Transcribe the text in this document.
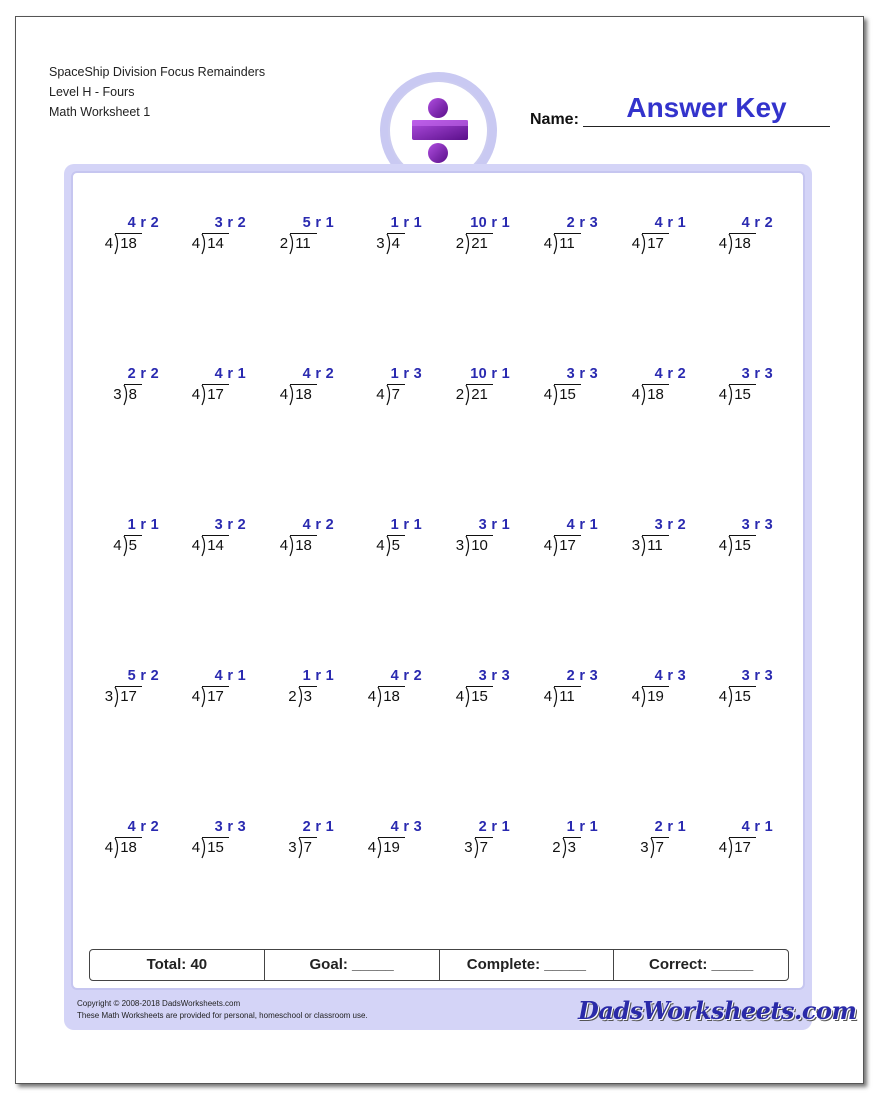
SpaceShip Division Focus Remainders
Level H - Fours
Math Worksheet 1	Name:	Answer Key
4 r 2
4 18
3 r 2
4 14
5 r 1
2 11
1 r 1
3 4
10 r 1
2 21
2 r 3
4 11
4 r 1
4 17
4 r 2
4 18
2 r 2
3 8
4 r 1
4 17
4 r 2
4 18
1 r 3
4 7
10 r 1
2 21
3 r 3
4 15
4 r 2
4 18
3 r 3
4 15
1 r 1
4 5
3 r 2
4 14
4 r 2
4 18
1 r 1
4 5
3 r 1
3 10
4 r 1
4 17
3 r 2
3 11
3 r 3
4 15
5 r 2
3 17
4 r 1
4 17
1 r 1
2 3
4 r 2
4 18
3 r 3
4 15
2 r 3
4 11
4 r 3
4 19
3 r 3
4 15
4 r 2
4 18
3 r 3
4 15
2 r 1
3 7
4 r 3
4 19
2 r 1
3 7
1 r 1
2 3
2 r 1
3 7
4 r 1
4 17
Total: 40	Goal: _____	Complete: _____	Correct: _____
Copyright © 2008-2018 DadsWorksheets.com
These Math Worksheets are provided for personal, homeschool or classroom use.	DadsWorksheets.com
